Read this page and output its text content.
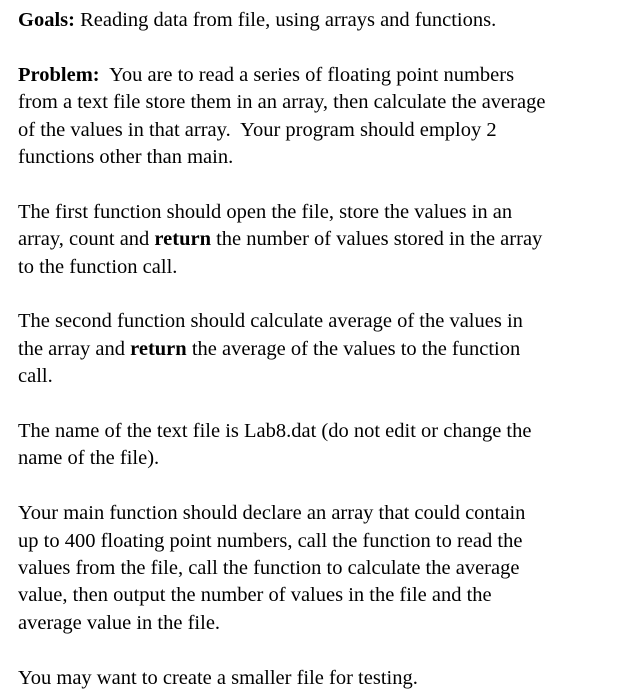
Goals: Reading data from file, using arrays and functions.
Problem:  You are to read a series of floating point numbers
from a text file store them in an array, then calculate the average
of the values in that array.  Your program should employ 2
functions other than main.
The first function should open the file, store the values in an
array, count and return the number of values stored in the array
to the function call.
The second function should calculate average of the values in
the array and return the average of the values to the function
call.
The name of the text file is Lab8.dat (do not edit or change the
name of the file).
Your main function should declare an array that could contain
up to 400 floating point numbers, call the function to read the
values from the file, call the function to calculate the average
value, then output the number of values in the file and the
average value in the file.
You may want to create a smaller file for testing.
